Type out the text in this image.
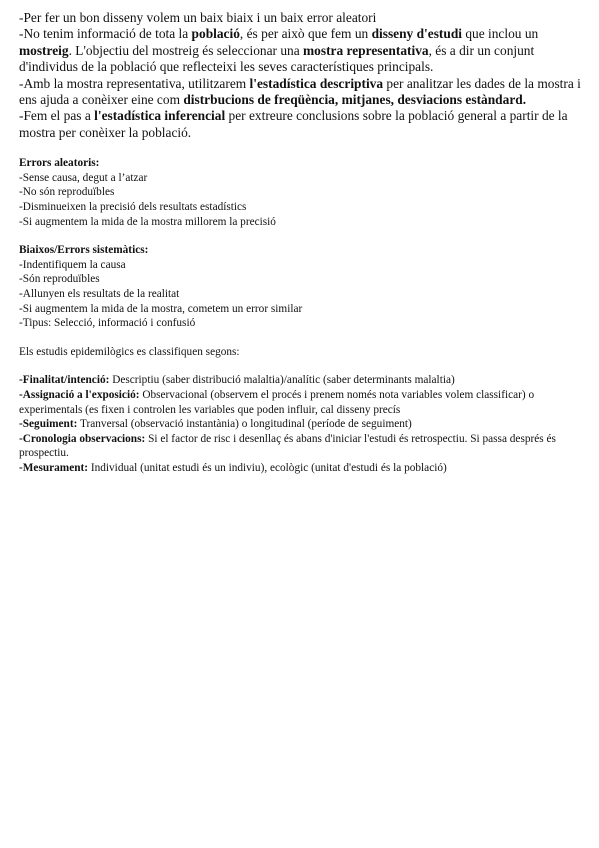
-Per fer un bon disseny volem un baix biaix i un baix error aleatori

-No tenim informació de tota la població, és per això que fem un disseny d'estudi que inclou un mostreig. L'objectiu del mostreig és seleccionar una mostra representativa, és a dir un conjunt d'individus de la població que reflecteixi les seves característiques principals.

-Amb la mostra representativa, utilitzarem l'estadística descriptiva per analitzar les dades de la mostra i ens ajuda a conèixer eine com distrbucions de freqüència, mitjanes, desviacions estàndard.

-Fem el pas a l'estadística inferencial per extreure conclusions sobre la població general a partir de la mostra per conèixer la població.

Errors aleatoris:

-Sense causa, degut a l’atzar

-No són reproduïbles

-Disminueixen la precisió dels resultats estadístics

-Si augmentem la mida de la mostra millorem la precisió

Biaixos/Errors sistemàtics:

-Indentifiquem la causa

-Són reproduïbles

-Allunyen els resultats de la realitat

-Si augmentem la mida de la mostra, cometem un error similar

-Tipus: Selecció, informació i confusió

Els estudis epidemilògics es classifiquen segons:

-Finalitat/intenció: Descriptiu (saber distribució malaltia)/analític (saber determinants malaltia)

-Assignació a l'exposició: Observacional (observem el procés i prenem només nota variables volem classificar) o experimentals (es fixen i controlen les variables que poden influir, cal disseny precís

-Seguiment: Tranversal (observació instantània) o longitudinal (període de seguiment)

-Cronologia observacions: Si el factor de risc i desenllaç és abans d'iniciar l'estudi és retrospectiu. Si passa després és prospectiu.

-Mesurament: Individual (unitat estudi és un indiviu), ecològic (unitat d'estudi és la població)
